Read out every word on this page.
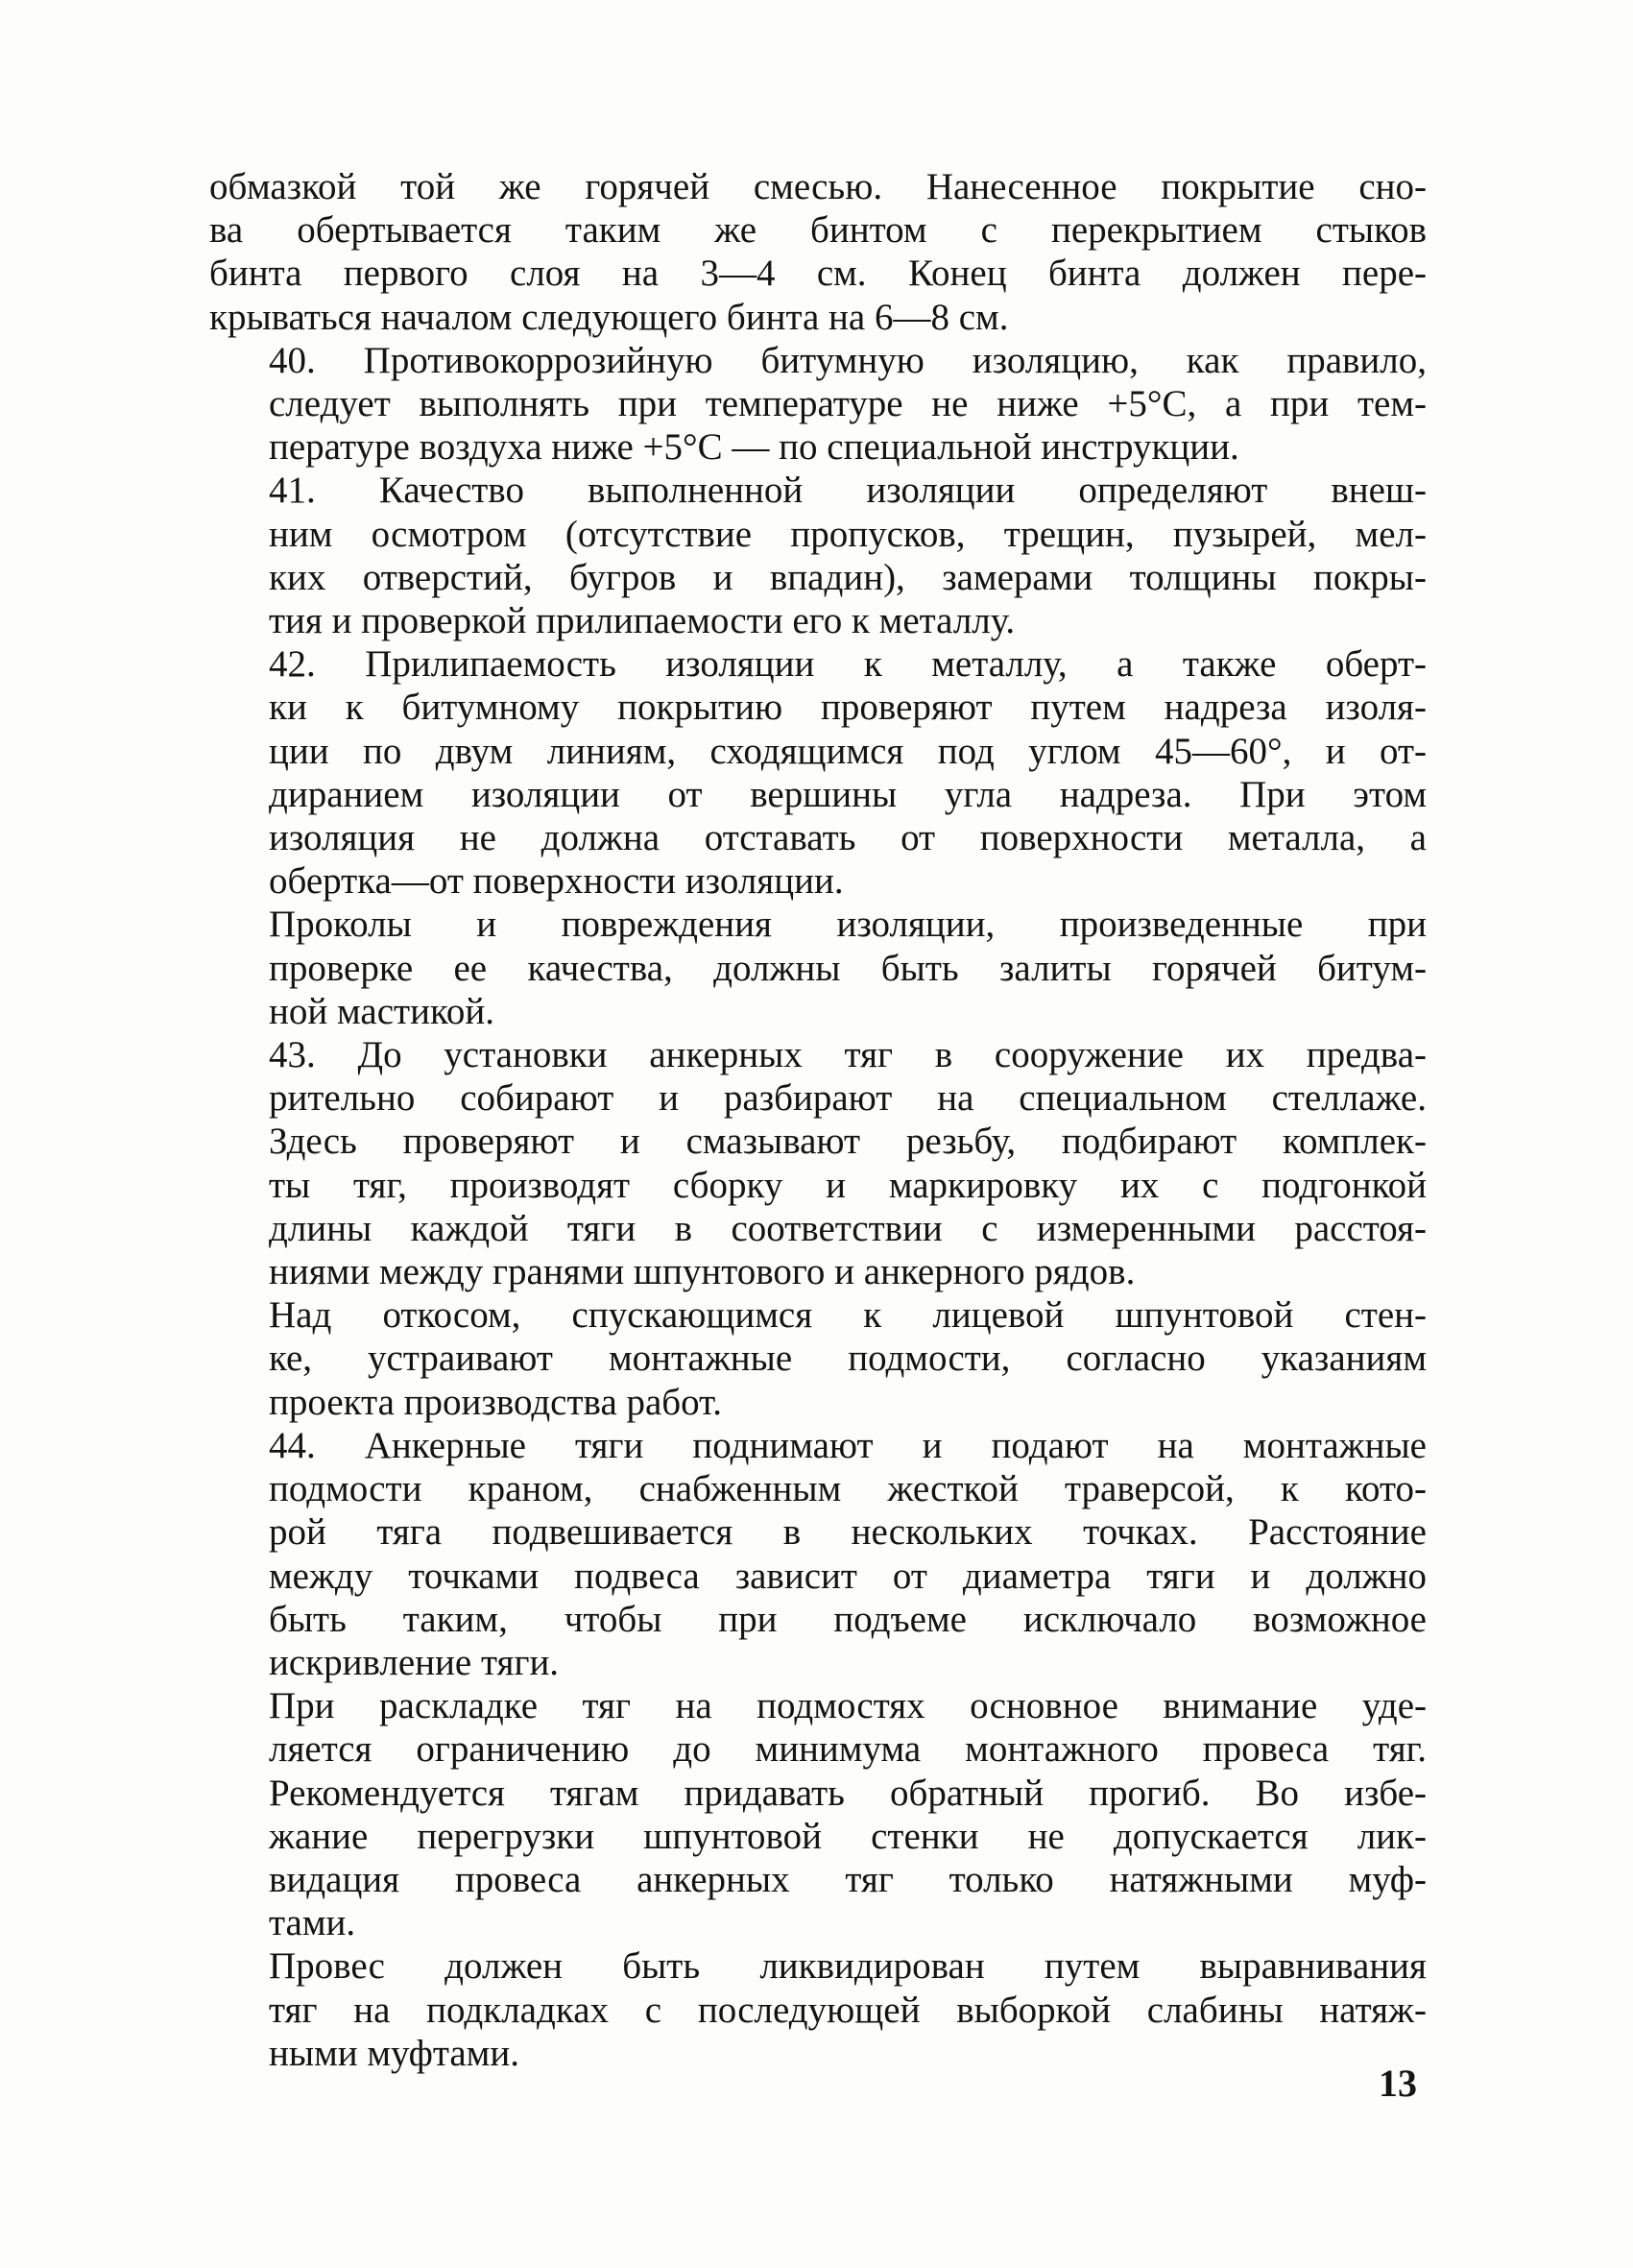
обмазкой той же горячей смесью. Нанесенное покрытие сно-
ва обертывается таким же бинтом с перекрытием стыков
бинта первого слоя на 3—4 см. Конец бинта должен пере-
крываться началом следующего бинта на 6—8 см.
40. Противокоррозийную битумную изоляцию, как правило,
следует выполнять при температуре не ниже +5°С, а при тем-
пературе воздуха ниже +5°С — по специальной инструкции.
41. Качество выполненной изоляции определяют внеш-
ним осмотром (отсутствие пропусков, трещин, пузырей, мел-
ких отверстий, бугров и впадин), замерами толщины покры-
тия и проверкой прилипаемости его к металлу.
42. Прилипаемость изоляции к металлу, а также оберт-
ки к битумному покрытию проверяют путем надреза изоля-
ции по двум линиям, сходящимся под углом 45—60°, и от-
диранием изоляции от вершины угла надреза. При этом
изоляция не должна отставать от поверхности металла, а
обертка—от поверхности изоляции.
Проколы и повреждения изоляции, произведенные при
проверке ее качества, должны быть залиты горячей битум-
ной мастикой.
43. До установки анкерных тяг в сооружение их предва-
рительно собирают и разбирают на специальном стеллаже.
Здесь проверяют и смазывают резьбу, подбирают комплек-
ты тяг, производят сборку и маркировку их с подгонкой
длины каждой тяги в соответствии с измеренными расстоя-
ниями между гранями шпунтового и анкерного рядов.
Над откосом, спускающимся к лицевой шпунтовой стен-
ке, устраивают монтажные подмости, согласно указаниям
проекта производства работ.
44. Анкерные тяги поднимают и подают на монтажные
подмости краном, снабженным жесткой траверсой, к кото-
рой тяга подвешивается в нескольких точках. Расстояние
между точками подвеса зависит от диаметра тяги и должно
быть таким, чтобы при подъеме исключало возможное
искривление тяги.
При раскладке тяг на подмостях основное внимание уде-
ляется ограничению до минимума монтажного провеса тяг.
Рекомендуется тягам придавать обратный прогиб. Во избе-
жание перегрузки шпунтовой стенки не допускается лик-
видация провеса анкерных тяг только натяжными муф-
тами.
Провес должен быть ликвидирован путем выравнивания
тяг на подкладках с последующей выборкой слабины натяж-
ными муфтами.
13
